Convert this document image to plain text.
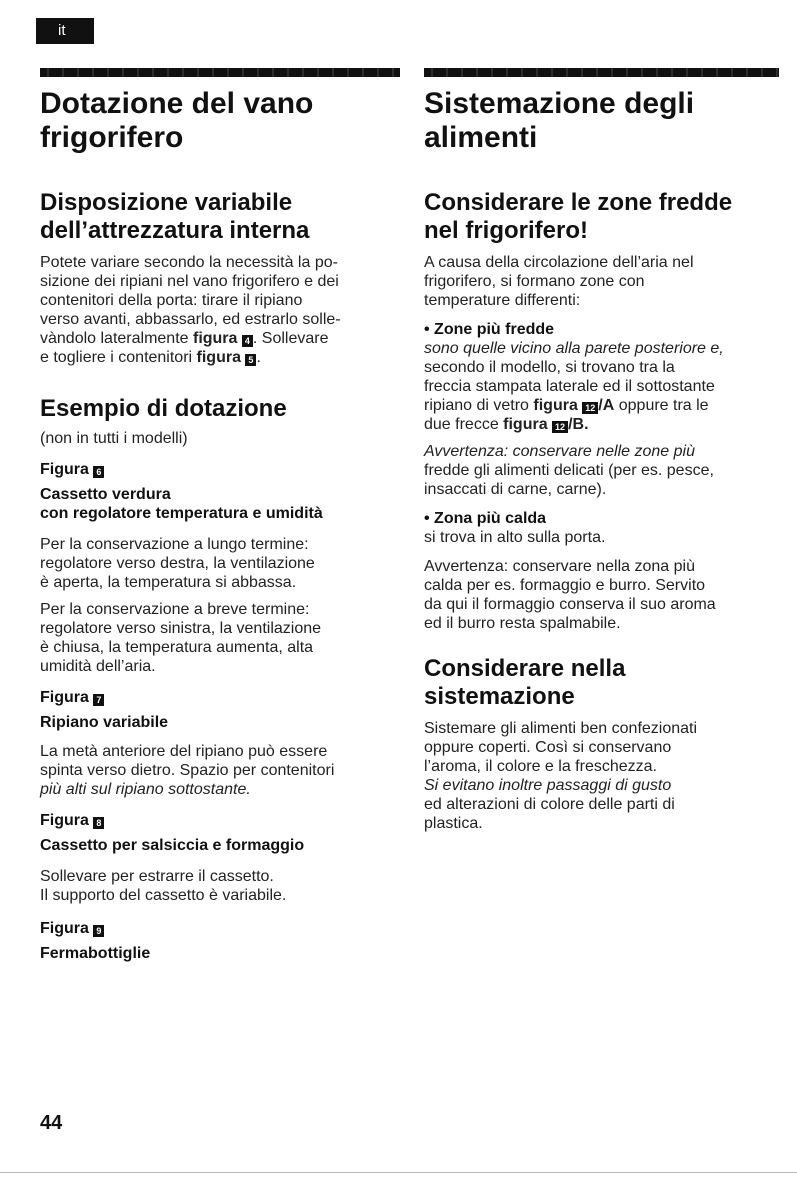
it
Dotazione del vano
frigorifero
Disposizione variabile
dell’attrezzatura interna

Potete variare secondo la necessità la po-
sizione dei ripiani nel vano frigorifero e dei
contenitori della porta: tirare il ripiano
verso avanti, abbassarlo, ed estrarlo solle-
vàndolo lateralmente figura 4 . Sollevare
e togliere i contenitori figura 5 .

Esempio di dotazione

(non in tutti i modelli)

Figura 6

Cassetto verdura
con regolatore temperatura e umidità

Per la conservazione a lungo termine:
regolatore verso destra, la ventilazione
è aperta, la temperatura si abbassa.

Per la conservazione a breve termine:
regolatore verso sinistra, la ventilazione
è chiusa, la temperatura aumenta, alta
umidità dell’aria.

Figura 7

Ripiano variabile

La metà anteriore del ripiano può essere
spinta verso dietro. Spazio per contenitori
più alti sul ripiano sottostante.

Figura 8

Cassetto per salsiccia e formaggio

Sollevare per estrarre il cassetto.
Il supporto del cassetto è variabile.

Figura 9

Fermabottiglie

Sistemazione degli
alimenti
Considerare le zone fredde
nel frigorifero!

A causa della circolazione dell’aria nel
frigorifero, si formano zone con
temperature differenti:

• Zone più fredde

sono quelle vicino alla parete posteriore e,
secondo il modello, si trovano tra la
freccia stampata laterale ed il sottostante
ripiano di vetro figura 12 /A oppure tra le
due frecce figura 12 /B.

Avvertenza: conservare nelle zone più
fredde gli alimenti delicati (per es. pesce,
insaccati di carne, carne).

• Zona più calda

si trova in alto sulla porta.

Avvertenza: conservare nella zona più
calda per es. formaggio e burro. Servito
da qui il formaggio conserva il suo aroma
ed il burro resta spalmabile.

Considerare nella
sistemazione

Sistemare gli alimenti ben confezionati
oppure coperti. Così si conservano
l’aroma, il colore e la freschezza.
Si evitano inoltre passaggi di gusto
ed alterazioni di colore delle parti di
plastica.

44
